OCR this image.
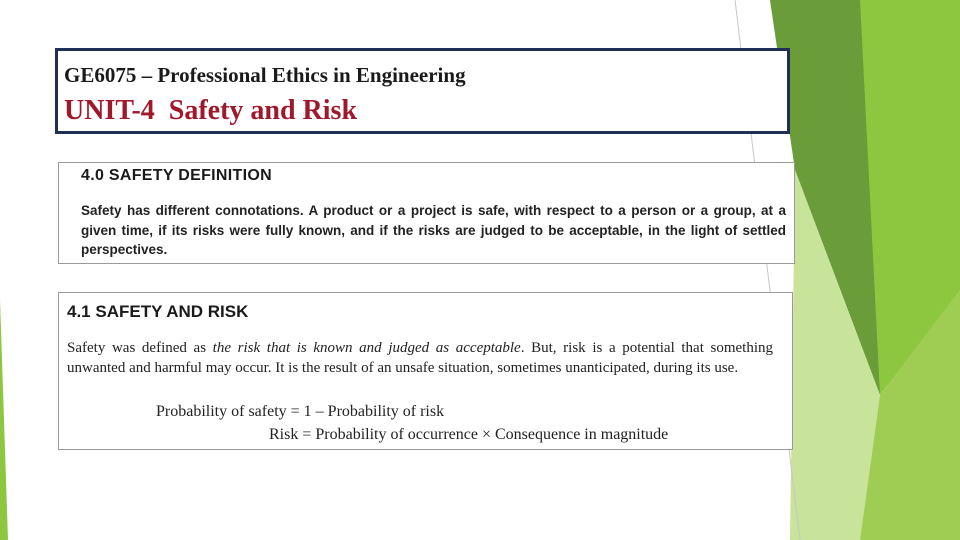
GE6075 – Professional Ethics in Engineering
UNIT-4  Safety and Risk
4.0 SAFETY DEFINITION
Safety has different connotations. A product or a project is safe, with respect to a person or a group, at a given time, if its risks were fully known, and if the risks are judged to be acceptable, in the light of settled perspectives.
4.1 SAFETY AND RISK
Safety was defined as the risk that is known and judged as acceptable. But, risk is a potential that something unwanted and harmful may occur. It is the result of an unsafe situation, sometimes unanticipated, during its use.
Probability of safety = 1 – Probability of risk
Risk = Probability of occurrence × Consequence in magnitude
